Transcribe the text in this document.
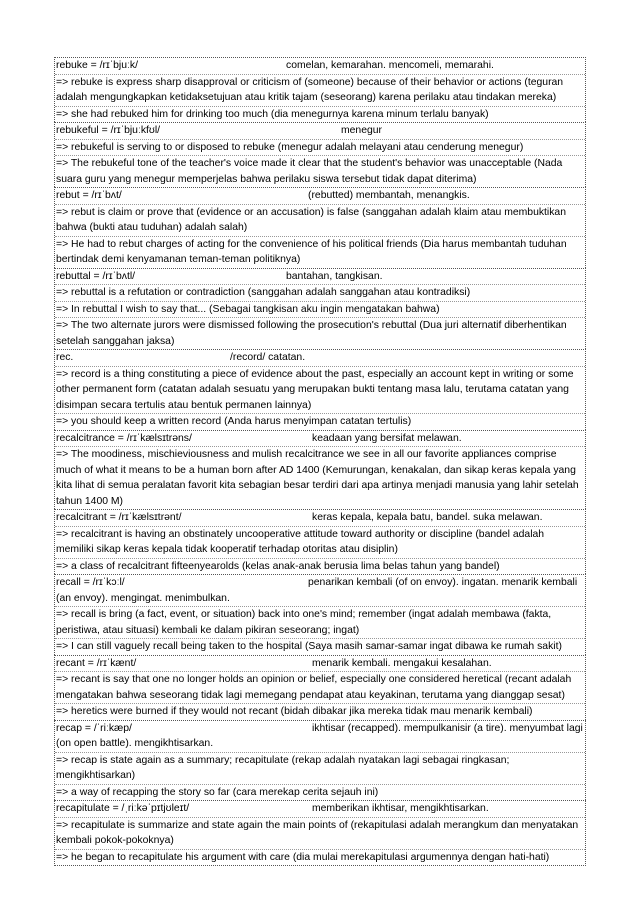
rebuke = /rɪˈbjuːk/	comelan, kemarahan. mencomeli, memarahi.
=> rebuke is express sharp disapproval or criticism of (someone) because of their behavior or actions (teguran adalah mengungkapkan ketidaksetujuan atau kritik tajam (seseorang) karena perilaku atau tindakan mereka)
=> she had rebuked him for drinking too much (dia menegurnya karena minum terlalu banyak)
rebukeful = /rɪˈbjuːkfʊl/	menegur
=> rebukeful is serving to or disposed to rebuke (menegur adalah melayani atau cenderung menegur)
=> The rebukeful tone of the teacher's voice made it clear that the student's behavior was unacceptable (Nada suara guru yang menegur memperjelas bahwa perilaku siswa tersebut tidak dapat diterima)
rebut = /rɪˈbʌt/	(rebutted) membantah, menangkis.
=> rebut is claim or prove that (evidence or an accusation) is false (sanggahan adalah klaim atau membuktikan bahwa (bukti atau tuduhan) adalah salah)
=> He had to rebut charges of acting for the convenience of his political friends (Dia harus membantah tuduhan bertindak demi kenyamanan teman-teman politiknya)
rebuttal = /rɪˈbʌtl/	bantahan, tangkisan.
=> rebuttal is a refutation or contradiction (sanggahan adalah sanggahan atau kontradiksi)
=> In rebuttal I wish to say that... (Sebagai tangkisan aku ingin mengatakan bahwa)
=> The two alternate jurors were dismissed following the prosecution's rebuttal (Dua juri alternatif diberhentikan setelah sanggahan jaksa)
rec.	/record/ catatan.
=> record is a thing constituting a piece of evidence about the past, especially an account kept in writing or some other permanent form (catatan adalah sesuatu yang merupakan bukti tentang masa lalu, terutama catatan yang disimpan secara tertulis atau bentuk permanen lainnya)
=> you should keep a written record (Anda harus menyimpan catatan tertulis)
recalcitrance = /rɪˈkælsɪtrəns/	keadaan yang bersifat melawan.
=> The moodiness, mischieviousness and mulish recalcitrance we see in all our favorite appliances comprise much of what it means to be a human born after AD 1400 (Kemurungan, kenakalan, dan sikap keras kepala yang kita lihat di semua peralatan favorit kita sebagian besar terdiri dari apa artinya menjadi manusia yang lahir setelah tahun 1400 M)
recalcitrant = /rɪˈkælsɪtrənt/	keras kepala, kepala batu, bandel. suka melawan.
=> recalcitrant is having an obstinately uncooperative attitude toward authority or discipline (bandel adalah memiliki sikap keras kepala tidak kooperatif terhadap otoritas atau disiplin)
=> a class of recalcitrant fifteenyearolds (kelas anak-anak berusia lima belas tahun yang bandel)
recall = /rɪˈkɔːl/	penarikan kembali (of on envoy). ingatan. menarik kembali (an envoy). mengingat. menimbulkan.
=> recall is bring (a fact, event, or situation) back into one's mind; remember (ingat adalah membawa (fakta, peristiwa, atau situasi) kembali ke dalam pikiran seseorang; ingat)
=> I can still vaguely recall being taken to the hospital (Saya masih samar-samar ingat dibawa ke rumah sakit)
recant = /rɪˈkænt/	menarik kembali. mengakui kesalahan.
=> recant is say that one no longer holds an opinion or belief, especially one considered heretical (recant adalah mengatakan bahwa seseorang tidak lagi memegang pendapat atau keyakinan, terutama yang dianggap sesat)
=> heretics were burned if they would not recant (bidah dibakar jika mereka tidak mau menarik kembali)
recap = /ˈriːkæp/	ikhtisar (recapped). mempulkanisir (a tire). menyumbat lagi (on open battle). mengikhtisarkan.
=> recap is state again as a summary; recapitulate (rekap adalah nyatakan lagi sebagai ringkasan; mengikhtisarkan)
=> a way of recapping the story so far (cara merekap cerita sejauh ini)
recapitulate = /ˌriːkəˈpɪtjʊleɪt/	memberikan ikhtisar, mengikhtisarkan.
=> recapitulate is summarize and state again the main points of (rekapitulasi adalah merangkum dan menyatakan kembali pokok-pokoknya)
=> he began to recapitulate his argument with care (dia mulai merekapitulasi argumennya dengan hati-hati)
